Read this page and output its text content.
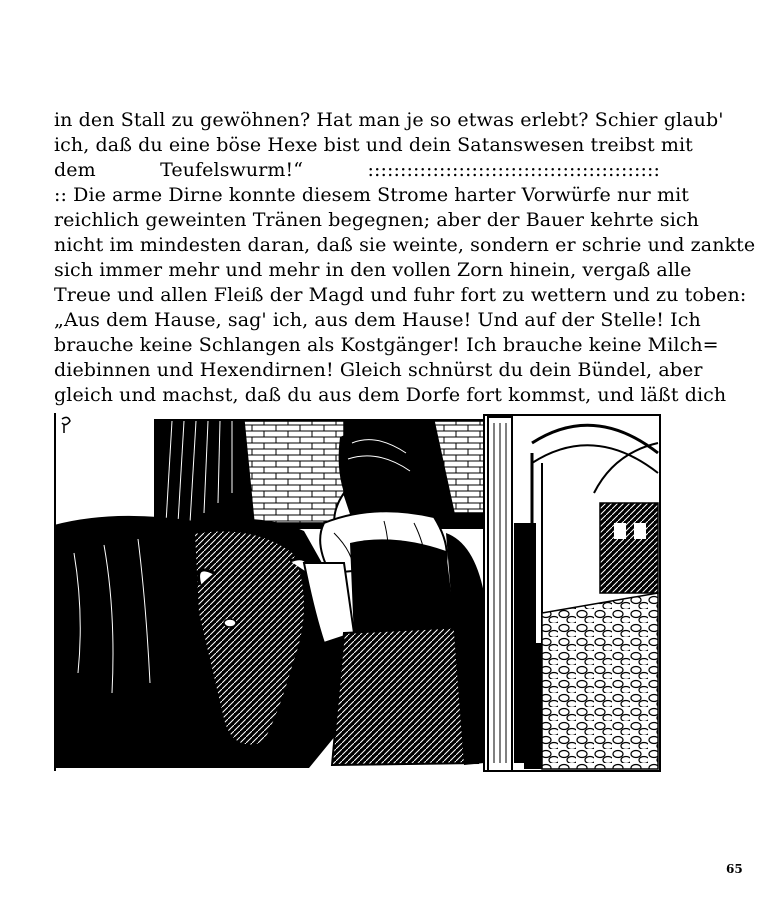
in den Stall zu gewöhnen? Hat man je so etwas erlebt? Schier glaub'
ich, daß du eine böse Hexe bist und dein Satanswesen treibst mit
dem Teufelswurm!“ :::::::::::::::::::::::::::::::::::::::::::::
:: Die arme Dirne konnte diesem Strome harter Vorwürfe nur mit
reichlich geweinten Tränen begegnen; aber der Bauer kehrte sich
nicht im mindesten daran, daß sie weinte, sondern er schrie und zankte
sich immer mehr und mehr in den vollen Zorn hinein, vergaß alle
Treue und allen Fleiß der Magd und fuhr fort zu wettern und zu toben:
„Aus dem Hause, sag' ich, aus dem Hause! Und auf der Stelle! Ich
brauche keine Schlangen als Kostgänger! Ich brauche keine Milch=
diebinnen und Hexendirnen! Gleich schnürst du dein Bündel, aber
gleich und machst, daß du aus dem Dorfe fort kommst, und läßt dich
65
